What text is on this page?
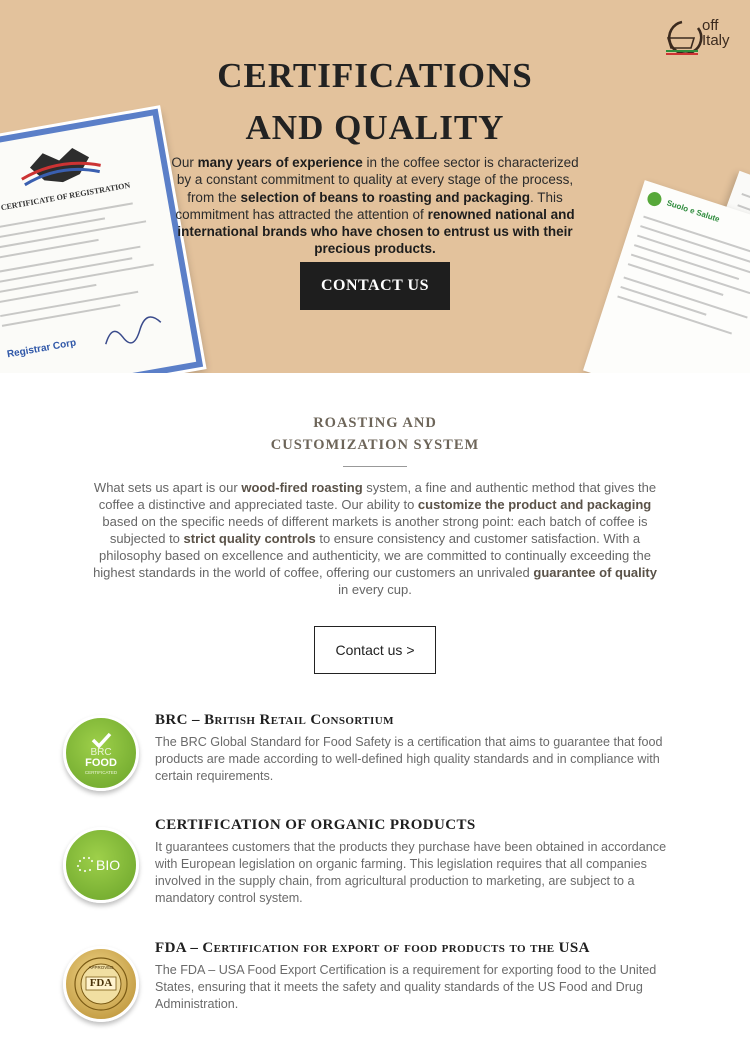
CERTIFICATE OF REGISTRATION
Registrar Corp
Suolo e Salute
off
Italy
CERTIFICATIONS
AND QUALITY

Our many years of experience in the coffee sector is characterized by a constant commitment to quality at every stage of the process, from the selection of beans to roasting and packaging. This commitment has attracted the attention of renowned national and international brands who have chosen to entrust us with their precious products.

CONTACT US
ROASTING AND
CUSTOMIZATION SYSTEM

What sets us apart is our wood-fired roasting system, a fine and authentic method that gives the coffee a distinctive and appreciated taste. Our ability to customize the product and packaging based on the specific needs of different markets is another strong point: each batch of coffee is subjected to strict quality controls to ensure consistency and customer satisfaction. With a philosophy based on excellence and authenticity, we are committed to continually exceeding the highest standards in the world of coffee, offering our customers an unrivaled guarantee of quality in every cup.

Contact us >
BRC
FOOD
CERTIFICATED
BRC – British Retail Consortium

The BRC Global Standard for Food Safety is a certification that aims to guarantee that food products are made according to well-defined high quality standards and in compliance with certain requirements.

BIO
CERTIFICATION OF ORGANIC PRODUCTS

It guarantees customers that the products they purchase have been obtained in accordance with European legislation on organic farming. This legislation requires that all companies involved in the supply chain, from agricultural production to marketing, are subject to a mandatory control system.

FDA
APPROVED
FDA – Certification for export of food products to the USA

The FDA – USA Food Export Certification is a requirement for exporting food to the United States, ensuring that it meets the safety and quality standards of the US Food and Drug Administration.
